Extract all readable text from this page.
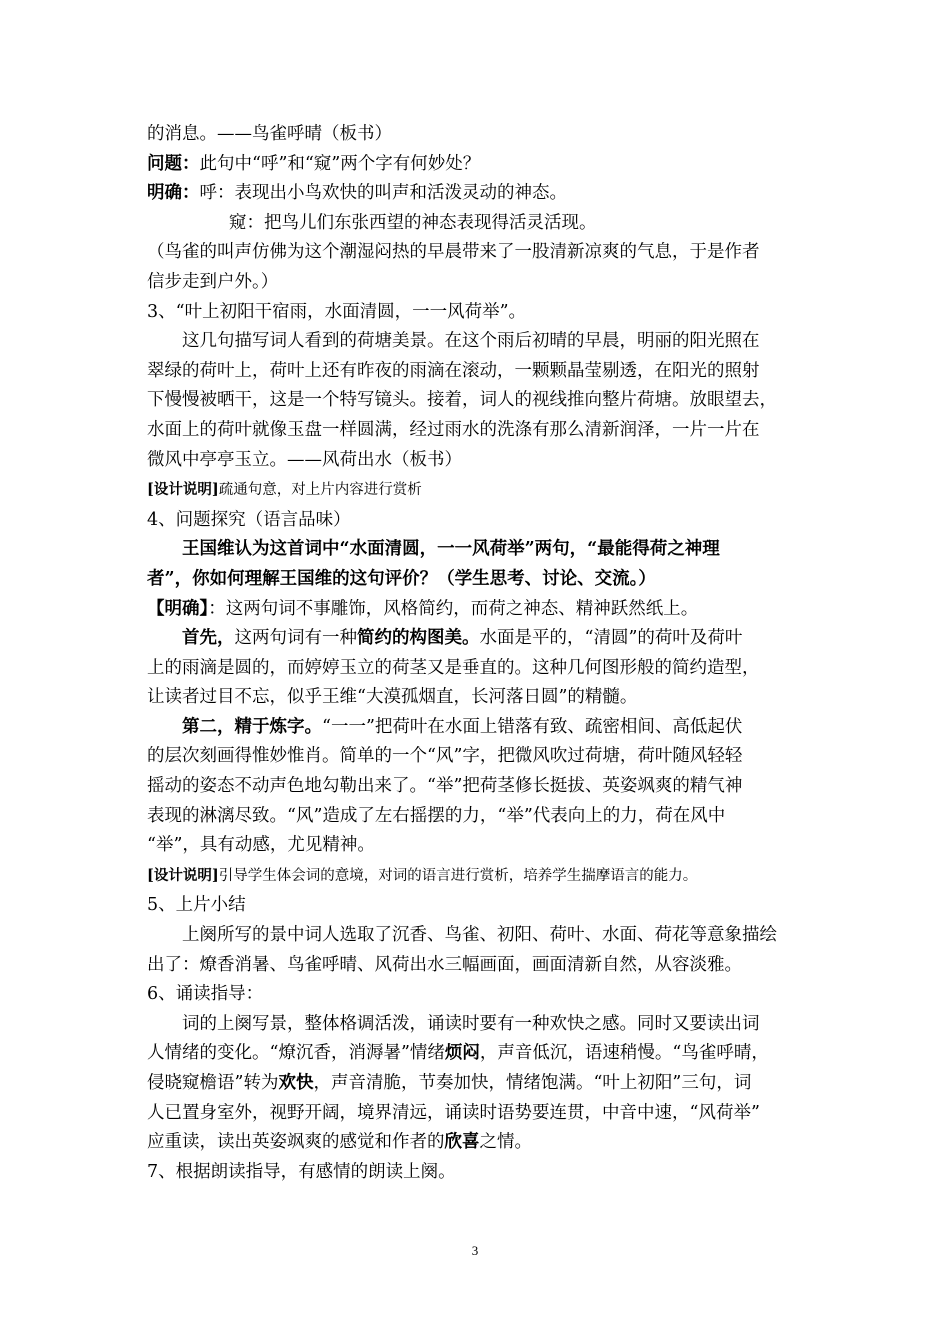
的消息。——鸟雀呼晴（板书）
问题：此句中“呼”和“窥”两个字有何妙处？
明确：呼：表现出小鸟欢快的叫声和活泼灵动的神态。
窥：把鸟儿们东张西望的神态表现得活灵活现。
（鸟雀的叫声仿佛为这个潮湿闷热的早晨带来了一股清新凉爽的气息，于是作者
信步走到户外。）
3、“叶上初阳干宿雨，水面清圆，一一风荷举”。
这几句描写词人看到的荷塘美景。在这个雨后初晴的早晨，明丽的阳光照在
翠绿的荷叶上，荷叶上还有昨夜的雨滴在滚动，一颗颗晶莹剔透，在阳光的照射
下慢慢被晒干，这是一个特写镜头。接着，词人的视线推向整片荷塘。放眼望去，
水面上的荷叶就像玉盘一样圆满，经过雨水的洗涤有那么清新润泽，一片一片在
微风中亭亭玉立。——风荷出水（板书）
[设计说明]疏通句意，对上片内容进行赏析
4、问题探究（语言品味）
王国维认为这首词中“水面清圆，一一风荷举”两句，“最能得荷之神理
者”，你如何理解王国维的这句评价？（学生思考、讨论、交流。）
【明确】：这两句词不事雕饰，风格简约，而荷之神态、精神跃然纸上。
首先，这两句词有一种简约的构图美。水面是平的，“清圆”的荷叶及荷叶
上的雨滴是圆的，而婷婷玉立的荷茎又是垂直的。这种几何图形般的简约造型，
让读者过目不忘，似乎王维“大漠孤烟直，长河落日圆”的精髓。
第二，精于炼字。“一一”把荷叶在水面上错落有致、疏密相间、高低起伏
的层次刻画得惟妙惟肖。简单的一个“风”字，把微风吹过荷塘，荷叶随风轻轻
摇动的姿态不动声色地勾勒出来了。“举”把荷茎修长挺拔、英姿飒爽的精气神
表现的淋漓尽致。“风”造成了左右摇摆的力，“举”代表向上的力，荷在风中
“举”，具有动感，尤见精神。
[设计说明]引导学生体会词的意境，对词的语言进行赏析，培养学生揣摩语言的能力。
5、上片小结
上阕所写的景中词人选取了沉香、鸟雀、初阳、荷叶、水面、荷花等意象描绘
出了：燎香消暑、鸟雀呼晴、风荷出水三幅画面，画面清新自然，从容淡雅。
6、诵读指导：
词的上阕写景，整体格调活泼，诵读时要有一种欢快之感。同时又要读出词
人情绪的变化。“燎沉香，消溽暑”情绪烦闷，声音低沉，语速稍慢。“鸟雀呼晴，
侵晓窥檐语”转为欢快，声音清脆，节奏加快，情绪饱满。“叶上初阳”三句，词
人已置身室外，视野开阔，境界清远，诵读时语势要连贯，中音中速，“风荷举”
应重读，读出英姿飒爽的感觉和作者的欣喜之情。
7、根据朗读指导，有感情的朗读上阕。
3
